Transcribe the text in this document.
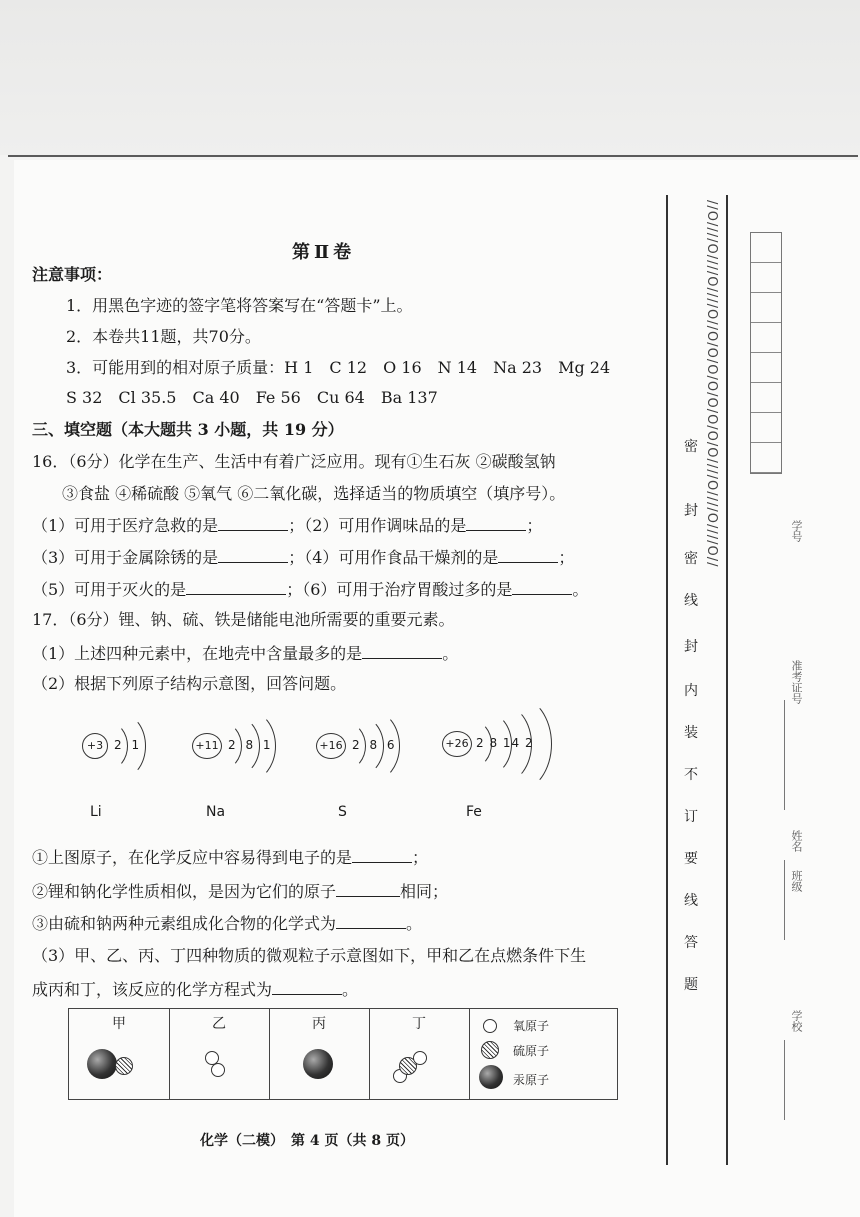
第Ⅱ卷
注意事项：
1．用黑色字迹的签字笔将答案写在“答题卡”上。
2．本卷共11题，共70分。
3．可能用到的相对原子质量：H 1　C 12　O 16　N 14　Na 23　Mg 24
S 32　Cl 35.5　Ca 40　Fe 56　Cu 64　Ba 137
三、填空题（本大题共 3 小题，共 19 分）
16．（6分）化学在生产、生活中有着广泛应用。现有①生石灰 ②碳酸氢钠
③食盐 ④稀硫酸 ⑤氧气 ⑥二氧化碳，选择适当的物质填空（填序号）。
（1）可用于医疗急救的是	；（2）可用作调味品的是	；
（3）可用于金属除锈的是	；（4）可用作食品干燥剂的是	；
（5）可用于灭火的是	；（6）可用于治疗胃酸过多的是	。
17．（6分）锂、钠、硫、铁是储能电池所需要的重要元素。
（1）上述四种元素中，在地壳中含量最多的是	。
（2）根据下列原子结构示意图，回答问题。
+3 2 1
Li
+11 2 8 1
Na
+16 2 8 6
S
+26 2 8 14 2
Fe
①上图原子，在化学反应中容易得到电子的是	；
②锂和钠化学性质相似，是因为它们的原子	相同；
③由硫和钠两种元素组成化合物的化学式为	。
（3）甲、乙、丙、丁四种物质的微观粒子示意图如下，甲和乙在点燃条件下生
成丙和丁，该反应的化学方程式为	。
甲	乙	丙	丁	氧原子
硫原子
汞原子
化学（二模）　第 4 页（共 8 页）
//O////O////O////O//O/O/O/O/O/O/O/O////O////O////O//
密
封
密
线
封
内
装
不
订
要
线
答
题
学号
准考证号
姓名
班级
学校
